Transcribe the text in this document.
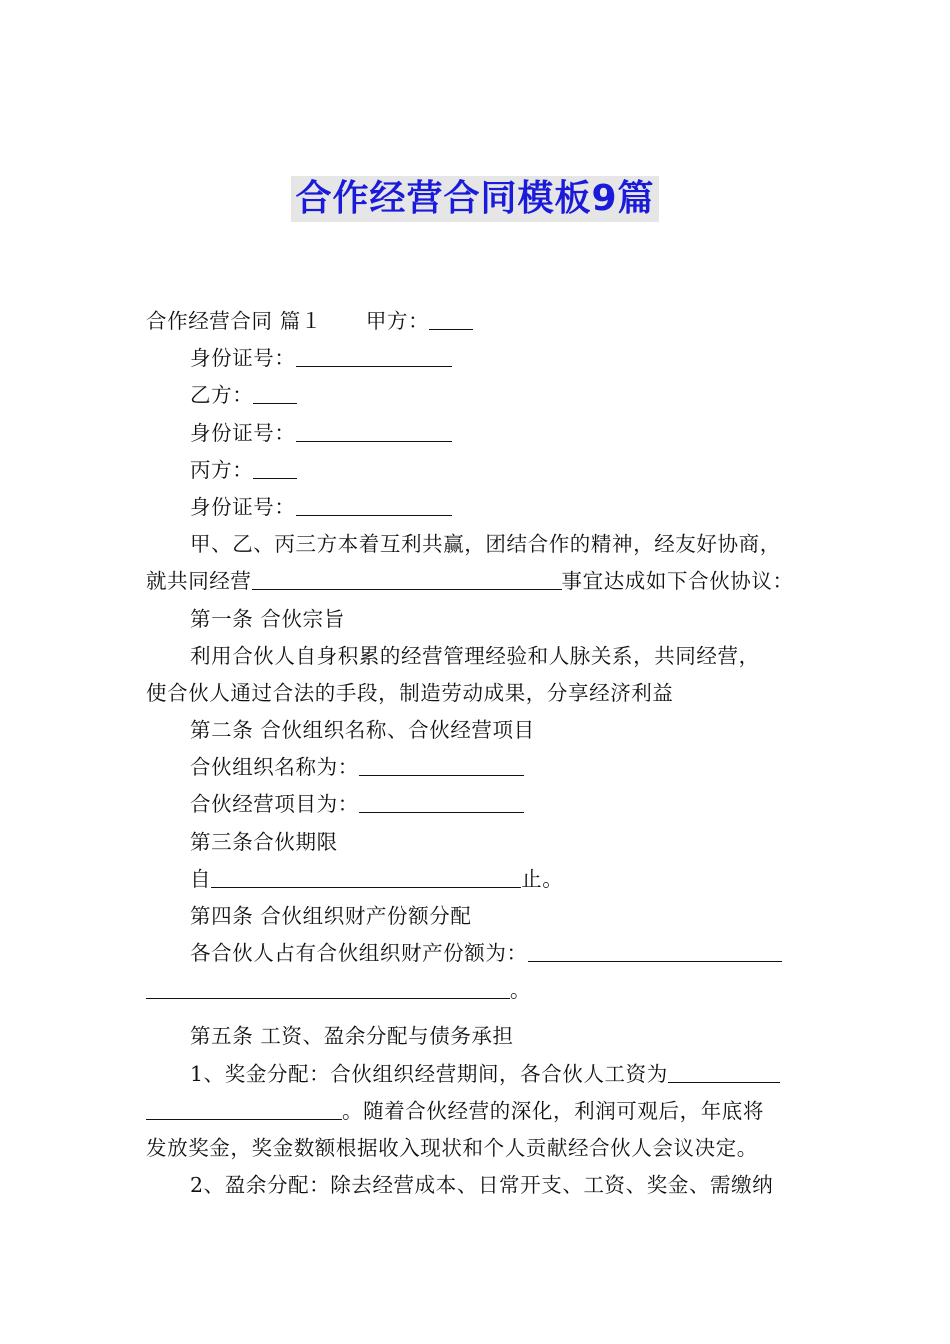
合作经营合同模板9篇
合作经营合同 篇１ 甲方：
身份证号：
乙方：
身份证号：
丙方：
身份证号：
甲、乙、丙三方本着互利共赢，团结合作的精神，经友好协商，
就共同经营	事宜达成如下合伙协议：
第一条 合伙宗旨
利用合伙人自身积累的经营管理经验和人脉关系，共同经营，
使合伙人通过合法的手段，制造劳动成果，分享经济利益
第二条 合伙组织名称、合伙经营项目
合伙组织名称为：
合伙经营项目为：
第三条合伙期限
自	止。
第四条 合伙组织财产份额分配
各合伙人占有合伙组织财产份额为：
。
第五条 工资、盈余分配与债务承担
1、奖金分配：合伙组织经营期间，各合伙人工资为
。随着合伙经营的深化，利润可观后，年底将
发放奖金，奖金数额根据收入现状和个人贡献经合伙人会议决定。
2、盈余分配：除去经营成本、日常开支、工资、奖金、需缴纳
